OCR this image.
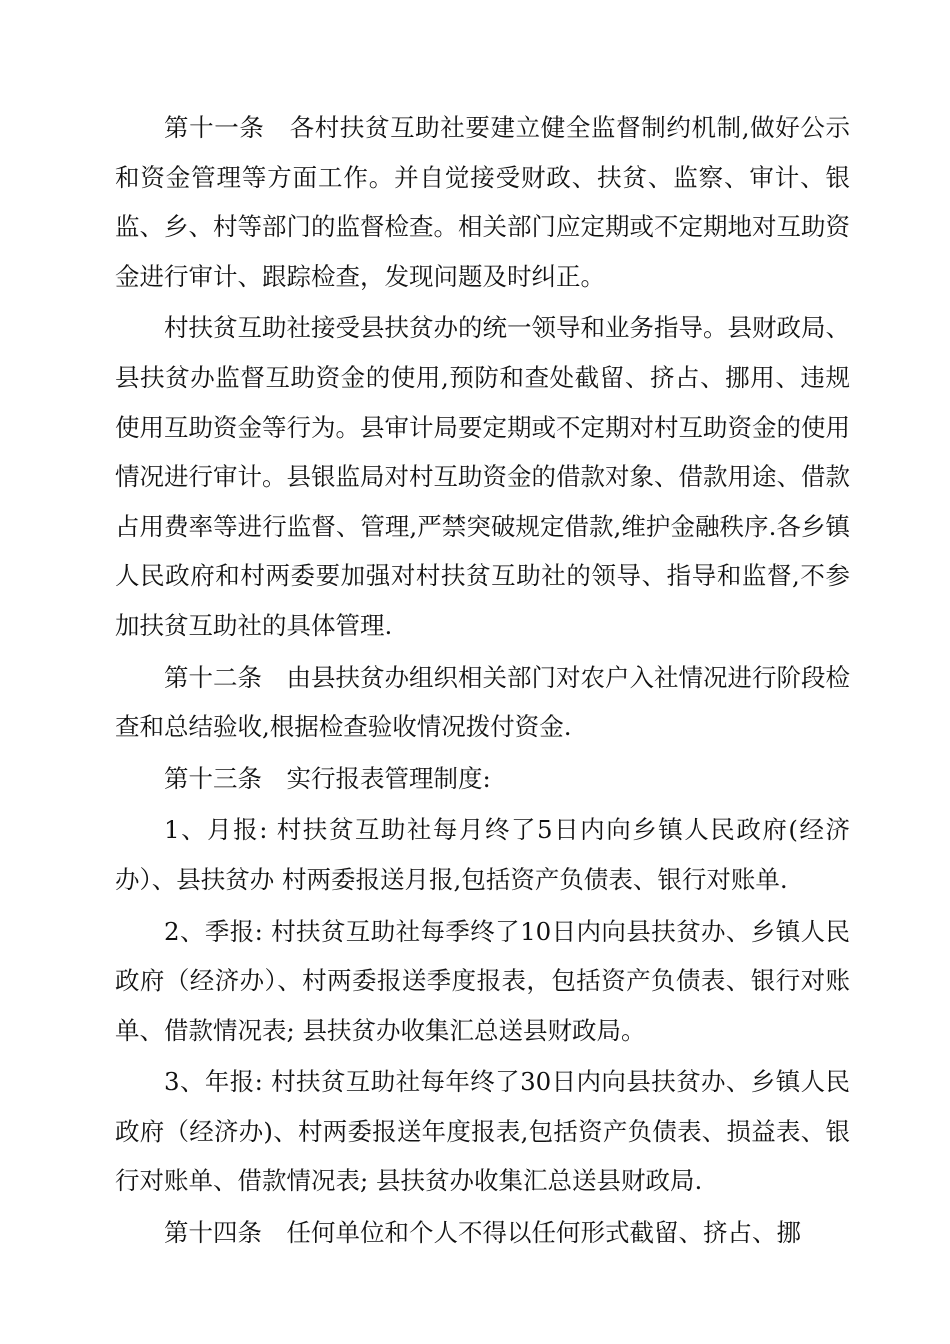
第十一条　各村扶贫互助社要建立健全监督制约机制,做好公示和资金管理等方面工作。并自觉接受财政、扶贫、监察、审计、银监、乡、村等部门的监督检查。相关部门应定期或不定期地对互助资金进行审计、跟踪检查，发现问题及时纠正。

村扶贫互助社接受县扶贫办的统一领导和业务指导。县财政局、县扶贫办监督互助资金的使用,预防和查处截留、挤占、挪用、违规使用互助资金等行为。县审计局要定期或不定期对村互助资金的使用情况进行审计。县银监局对村互助资金的借款对象、借款用途、借款占用费率等进行监督、管理,严禁突破规定借款,维护金融秩序.各乡镇人民政府和村两委要加强对村扶贫互助社的领导、指导和监督,不参加扶贫互助社的具体管理.

第十二条　由县扶贫办组织相关部门对农户入社情况进行阶段检查和总结验收,根据检查验收情况拨付资金.

第十三条　实行报表管理制度:

1、月报: 村扶贫互助社每月终了5日内向乡镇人民政府(经济办）、县扶贫办 村两委报送月报,包括资产负债表、银行对账单.

2、季报: 村扶贫互助社每季终了10日内向县扶贫办、乡镇人民政府（经济办）、村两委报送季度报表，包括资产负债表、银行对账单、借款情况表; 县扶贫办收集汇总送县财政局。

3、年报: 村扶贫互助社每年终了30日内向县扶贫办、乡镇人民政府（经济办)、村两委报送年度报表,包括资产负债表、损益表、银行对账单、借款情况表; 县扶贫办收集汇总送县财政局.

第十四条　任何单位和个人不得以任何形式截留、挤占、挪
